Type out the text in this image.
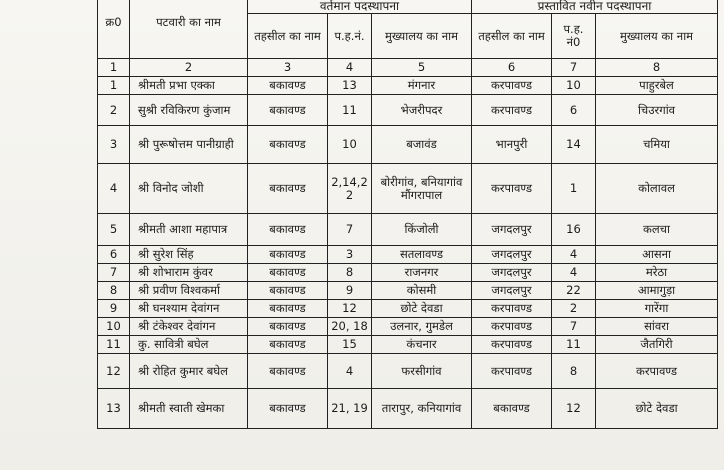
क्र0	पटवारी का नाम	वर्तमान पदस्थापना			प्रस्तावित नवीन पदस्थापना		
		तहसील का नाम	प.ह.नं.	मुख्यालय का नाम	तहसील का नाम	प.ह. नं0	मुख्यालय का नाम
1	2	3	4	5	6	7	8
1	श्रीमती प्रभा एक्का	बकावण्ड	13	मंगनार	करपावण्ड	10	पाहुरबेल
2	सुश्री रविकिरण कुंजाम	बकावण्ड	11	भेजरीपदर	करपावण्ड	6	चिउरगांव
3	श्री पुरूषोत्तम पानीग्राही	बकावण्ड	10	बजावंड	भानपुरी	14	चमिया
4	श्री विनोद जोशी	बकावण्ड	2,14,2 2	बोरीगांव, बनियागांव मौंगरापाल	करपावण्ड	1	कोलावल
5	श्रीमती आशा महापात्र	बकावण्ड	7	किंजोली	जगदलपुर	16	कलचा
6	श्री सुरेश सिंह	बकावण्ड	3	सतलावण्ड	जगदलपुर	4	आसना
7	श्री शोभाराम कुंवर	बकावण्ड	8	राजनगर	जगदलपुर	4	मरेठा
8	श्री प्रवीण विश्वकर्मा	बकावण्ड	9	कोसमी	जगदलपुर	22	आमागुड़ा
9	श्री घनश्याम देवांगन	बकावण्ड	12	छोटे देवडा	करपावण्ड	2	गारेंगा
10	श्री टंकेश्वर देवांगन	बकावण्ड	20, 18	उलनार, गुमडेल	करपावण्ड	7	सांवरा
11	कु. सावित्री बघेल	बकावण्ड	15	कंचनार	करपावण्ड	11	जैतगिरी
12	श्री रोहित कुमार बघेल	बकावण्ड	4	फरसीगांव	करपावण्ड	8	करपावण्ड
13	श्रीमती स्वाती खेमका	बकावण्ड	21, 19	तारापुर, कनियागांव	बकावण्ड	12	छोटे देवडा
